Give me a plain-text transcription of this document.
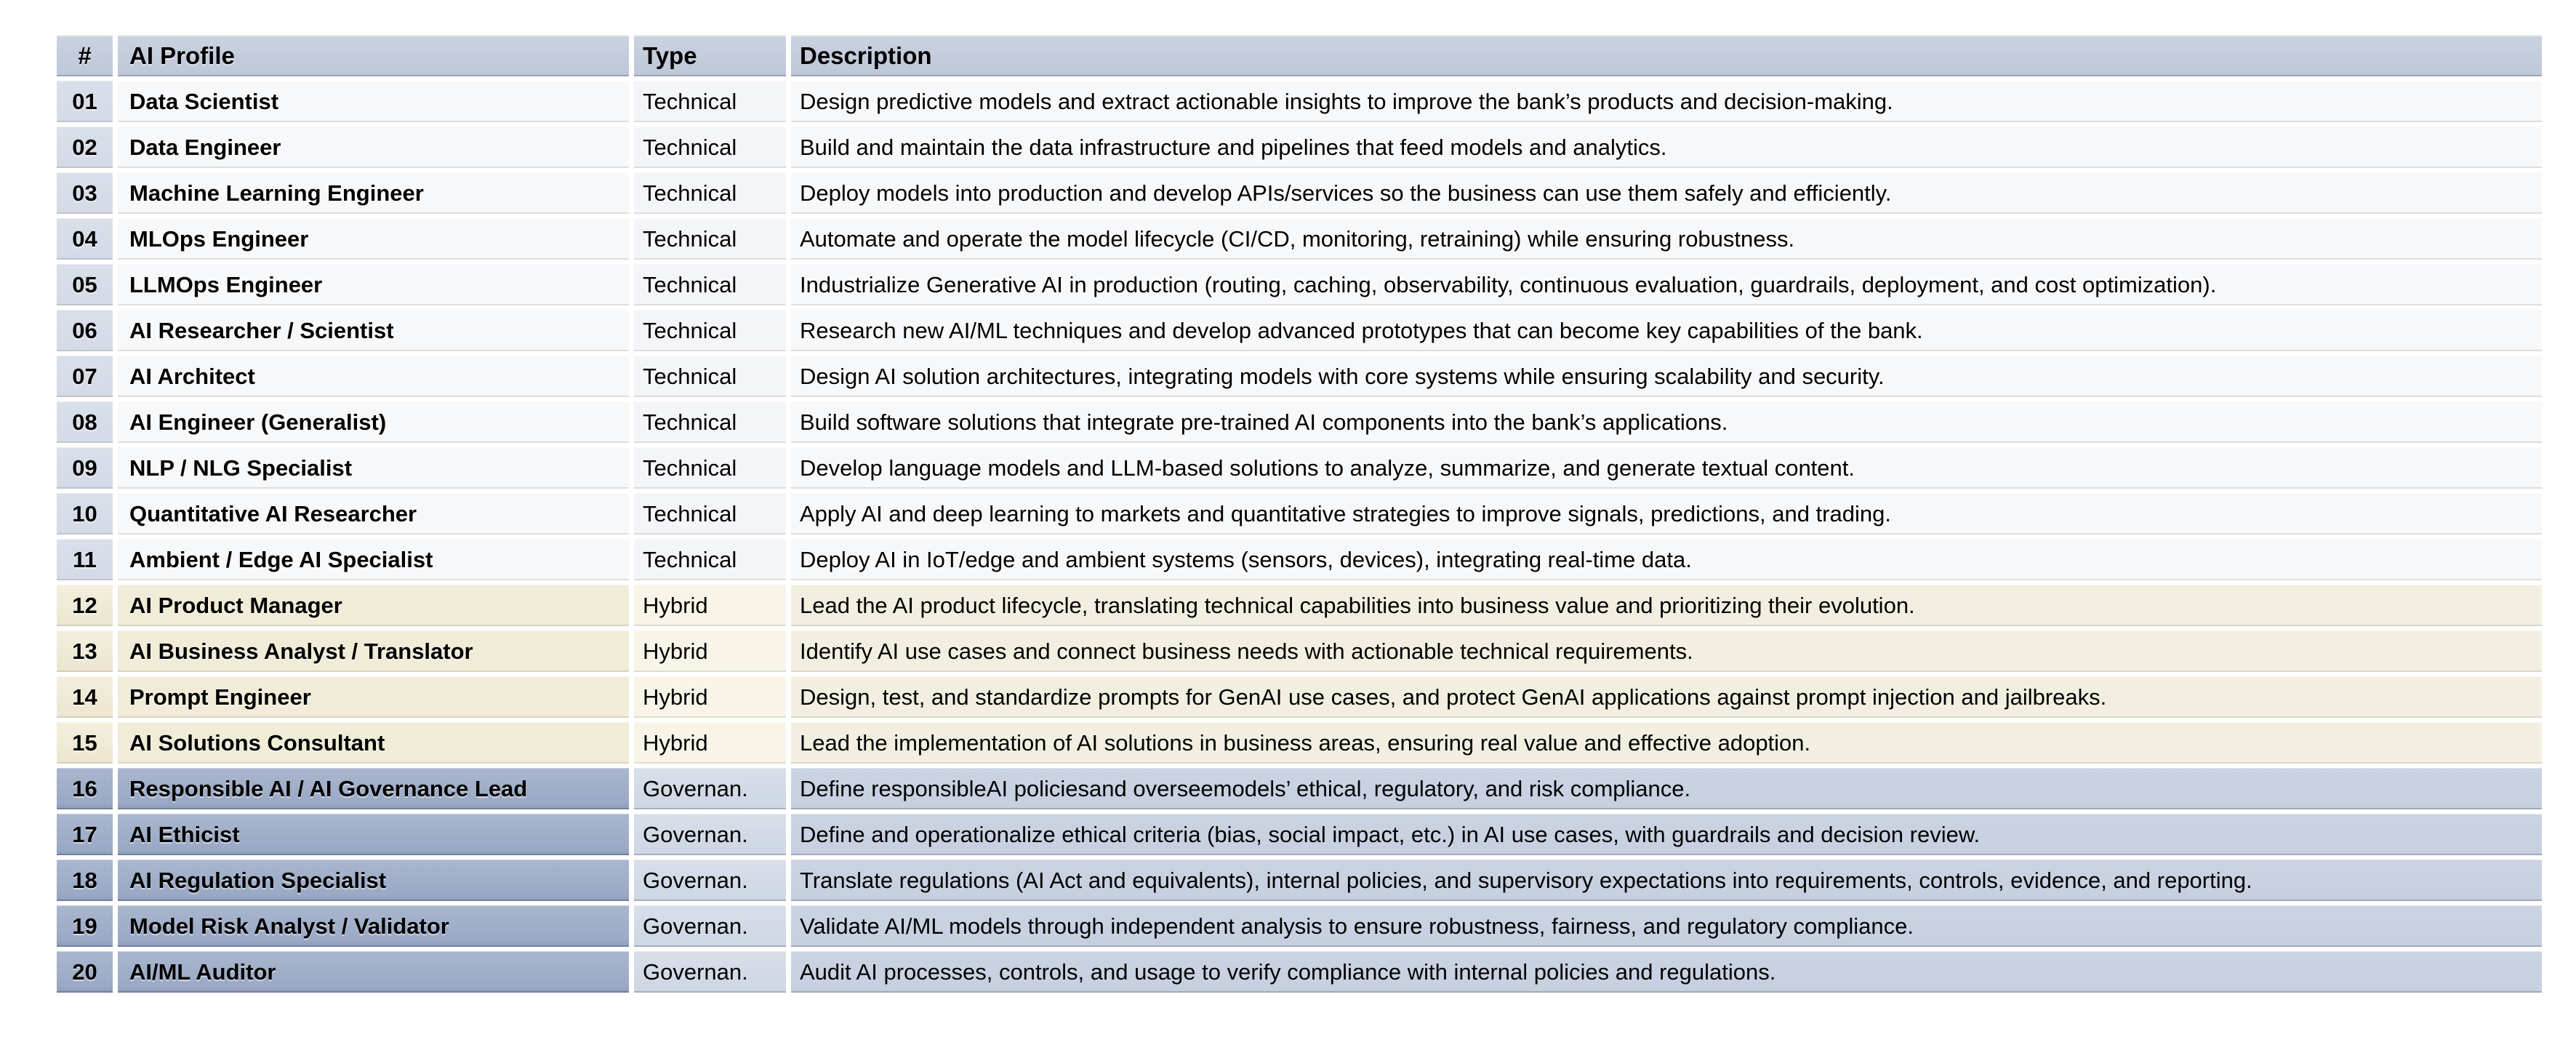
#	AI Profile	Type	Description
01	Data Scientist	Technical	Design predictive models and extract actionable insights to improve the bank’s products and decision-making.
02	Data Engineer	Technical	Build and maintain the data infrastructure and pipelines that feed models and analytics.
03	Machine Learning Engineer	Technical	Deploy models into production and develop APIs/services so the business can use them safely and efficiently.
04	MLOps Engineer	Technical	Automate and operate the model lifecycle (CI/CD, monitoring, retraining) while ensuring robustness.
05	LLMOps Engineer	Technical	Industrialize Generative AI in production (routing, caching, observability, continuous evaluation, guardrails, deployment, and cost optimization).
06	AI Researcher / Scientist	Technical	Research new AI/ML techniques and develop advanced prototypes that can become key capabilities of the bank.
07	AI Architect	Technical	Design AI solution architectures, integrating models with core systems while ensuring scalability and security.
08	AI Engineer (Generalist)	Technical	Build software solutions that integrate pre-trained AI components into the bank’s applications.
09	NLP / NLG Specialist	Technical	Develop language models and LLM-based solutions to analyze, summarize, and generate textual content.
10	Quantitative AI Researcher	Technical	Apply AI and deep learning to markets and quantitative strategies to improve signals, predictions, and trading.
11	Ambient / Edge AI Specialist	Technical	Deploy AI in IoT/edge and ambient systems (sensors, devices), integrating real-time data.
12	AI Product Manager	Hybrid	Lead the AI product lifecycle, translating technical capabilities into business value and prioritizing their evolution.
13	AI Business Analyst / Translator	Hybrid	Identify AI use cases and connect business needs with actionable technical requirements.
14	Prompt Engineer	Hybrid	Design, test, and standardize prompts for GenAI use cases, and protect GenAI applications against prompt injection and jailbreaks.
15	AI Solutions Consultant	Hybrid	Lead the implementation of AI solutions in business areas, ensuring real value and effective adoption.
16	Responsible AI / AI Governance Lead	Governan.	Define responsibleAI policiesand overseemodels’ ethical, regulatory, and risk compliance.
17	AI Ethicist	Governan.	Define and operationalize ethical criteria (bias, social impact, etc.) in AI use cases, with guardrails and decision review.
18	AI Regulation Specialist	Governan.	Translate regulations (AI Act and equivalents), internal policies, and supervisory expectations into requirements, controls, evidence, and reporting.
19	Model Risk Analyst / Validator	Governan.	Validate AI/ML models through independent analysis to ensure robustness, fairness, and regulatory compliance.
20	AI/ML Auditor	Governan.	Audit AI processes, controls, and usage to verify compliance with internal policies and regulations.
